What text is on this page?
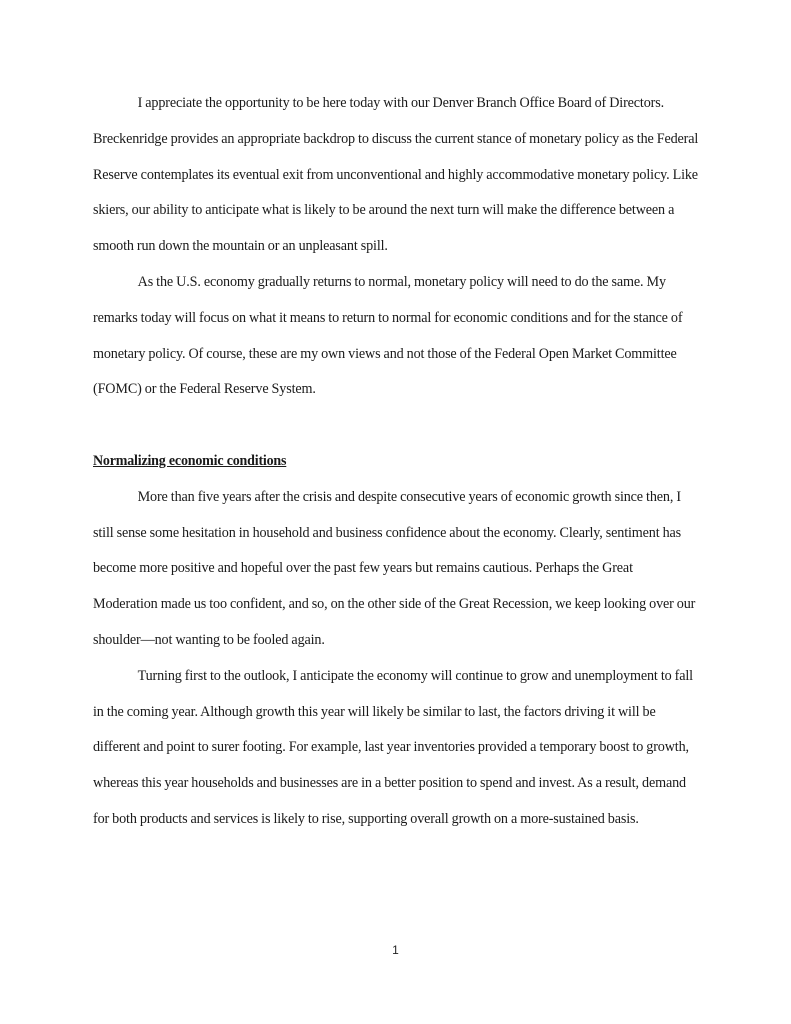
I appreciate the opportunity to be here today with our Denver Branch Office Board of Directors. Breckenridge provides an appropriate backdrop to discuss the current stance of monetary policy as the Federal Reserve contemplates its eventual exit from unconventional and highly accommodative monetary policy. Like skiers, our ability to anticipate what is likely to be around the next turn will make the difference between a smooth run down the mountain or an unpleasant spill.

As the U.S. economy gradually returns to normal, monetary policy will need to do the same. My remarks today will focus on what it means to return to normal for economic conditions and for the stance of monetary policy. Of course, these are my own views and not those of the Federal Open Market Committee (FOMC) or the Federal Reserve System.

Normalizing economic conditions

More than five years after the crisis and despite consecutive years of economic growth since then, I still sense some hesitation in household and business confidence about the economy. Clearly, sentiment has become more positive and hopeful over the past few years but remains cautious. Perhaps the Great Moderation made us too confident, and so, on the other side of the Great Recession, we keep looking over our shoulder—not wanting to be fooled again.

Turning first to the outlook, I anticipate the economy will continue to grow and unemployment to fall in the coming year. Although growth this year will likely be similar to last, the factors driving it will be different and point to surer footing. For example, last year inventories provided a temporary boost to growth, whereas this year households and businesses are in a better position to spend and invest. As a result, demand for both products and services is likely to rise, supporting overall growth on a more-sustained basis.

1
